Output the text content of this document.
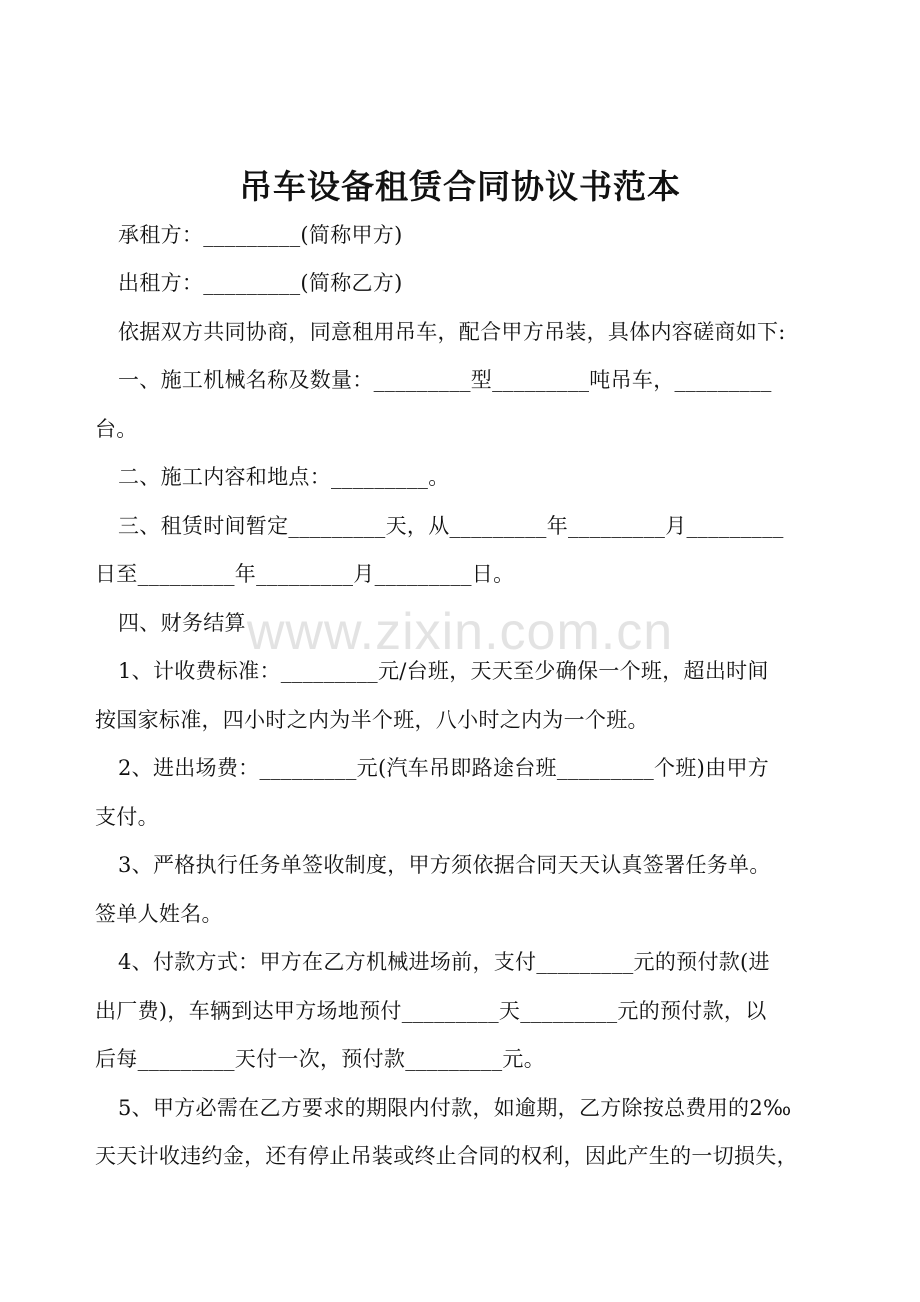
吊车设备租赁合同协议书范本
承租方：_________(简称甲方)
出租方：_________(简称乙方)
依据双方共同协商，同意租用吊车，配合甲方吊装，具体内容磋商如下:
一、施工机械名称及数量：_________型_________吨吊车，_________
台。
二、施工内容和地点：_________。
三、租赁时间暂定_________天，从_________年_________月_________
日至_________年_________月_________日。
四、财务结算
1、计收费标准：_________元/台班，天天至少确保一个班，超出时间
按国家标准，四小时之内为半个班，八小时之内为一个班。
2、进出场费：_________元(汽车吊即路途台班_________个班)由甲方
支付。
3、严格执行任务单签收制度，甲方须依据合同天天认真签署任务单。
签单人姓名。
4、付款方式：甲方在乙方机械进场前，支付_________元的预付款(进
出厂费)，车辆到达甲方场地预付_________天_________元的预付款，以
后每_________天付一次，预付款_________元。
5、甲方必需在乙方要求的期限内付款，如逾期，乙方除按总费用的2‰
天天计收违约金，还有停止吊装或终止合同的权利，因此产生的一切损失，
www.zixin.com.cn
